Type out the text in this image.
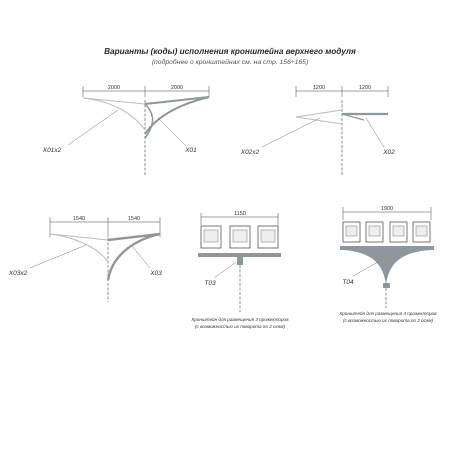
Варианты (коды) исполнения кронштейна верхнего модуля
(подробнее о кронштейнах см. на стр. 156÷165)
2000	2000
X01x2	X01
1200	1200
X02x2	X02
1540	1540
X03x2	X03
1150
T03
1900
T04
Кронштейн для размещения 3 прожекторов
(с возможностью их поворота по 2 осям)
Кронштейн для размещения 4 прожекторов
(с возможностью их поворота по 2 осям)
